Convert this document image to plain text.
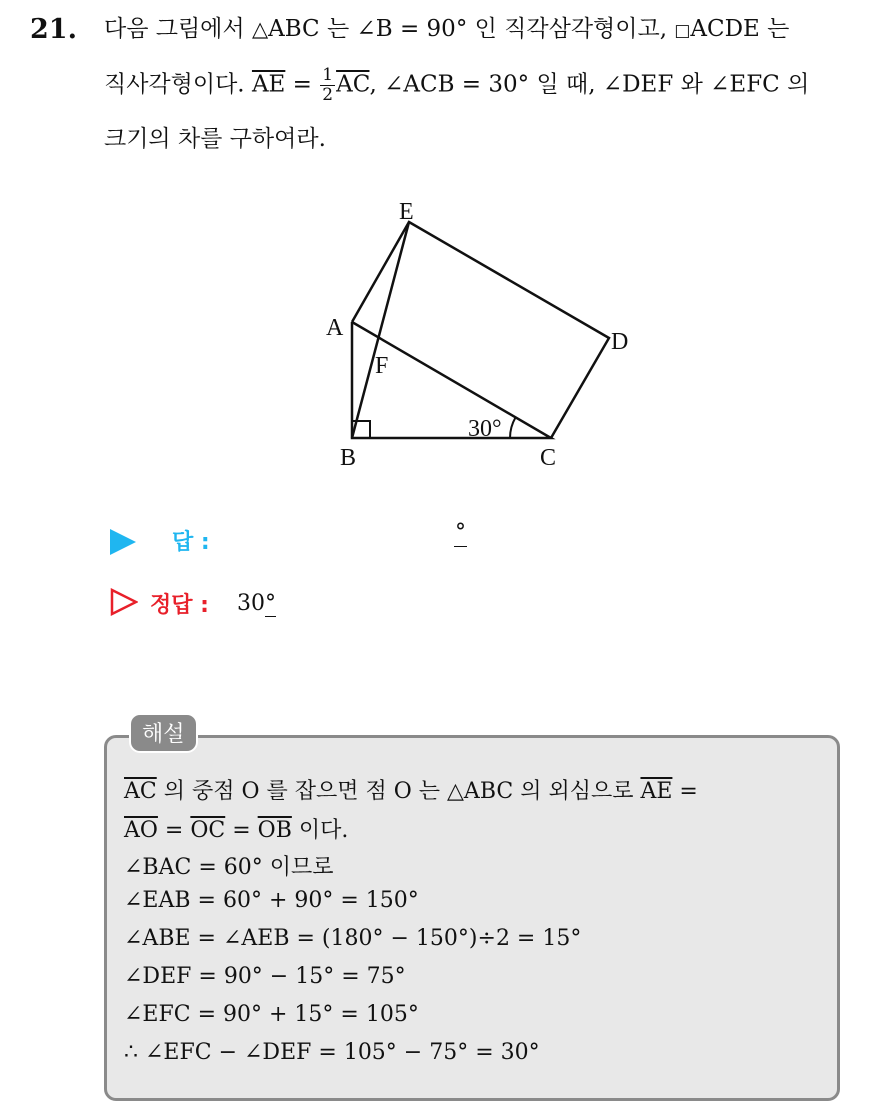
21. 다음 그림에서 △ABC 는 ∠B = 90° 인 직각삼각형이고, □ACDE 는
직사각형이다. $\overline{AE} = \frac{1}{2} \overline{AC}$, ∠ACB = 30° 일 때, ∠DEF 와 ∠EFC 의
크기의 차를 구하여라.
E
A
D
F
B	C
30°
답 :	°
정답 : 30°
해설
$\overline{AC}$ 의 중점 O 를 잡으면 점 O 는 △ABC 의 외심으로 $\overline{AE}$ =
$\overline{AO} = \overline{OC} = \overline{OB}$ 이다.
∠BAC = 60° 이므로
∠EAB = 60° + 90° = 150°
∠ABE = ∠AEB = (180° − 150°)÷2 = 15°
∠DEF = 90° − 15° = 75°
∠EFC = 90° + 15° = 105°
∴ ∠EFC − ∠DEF = 105° − 75° = 30°
